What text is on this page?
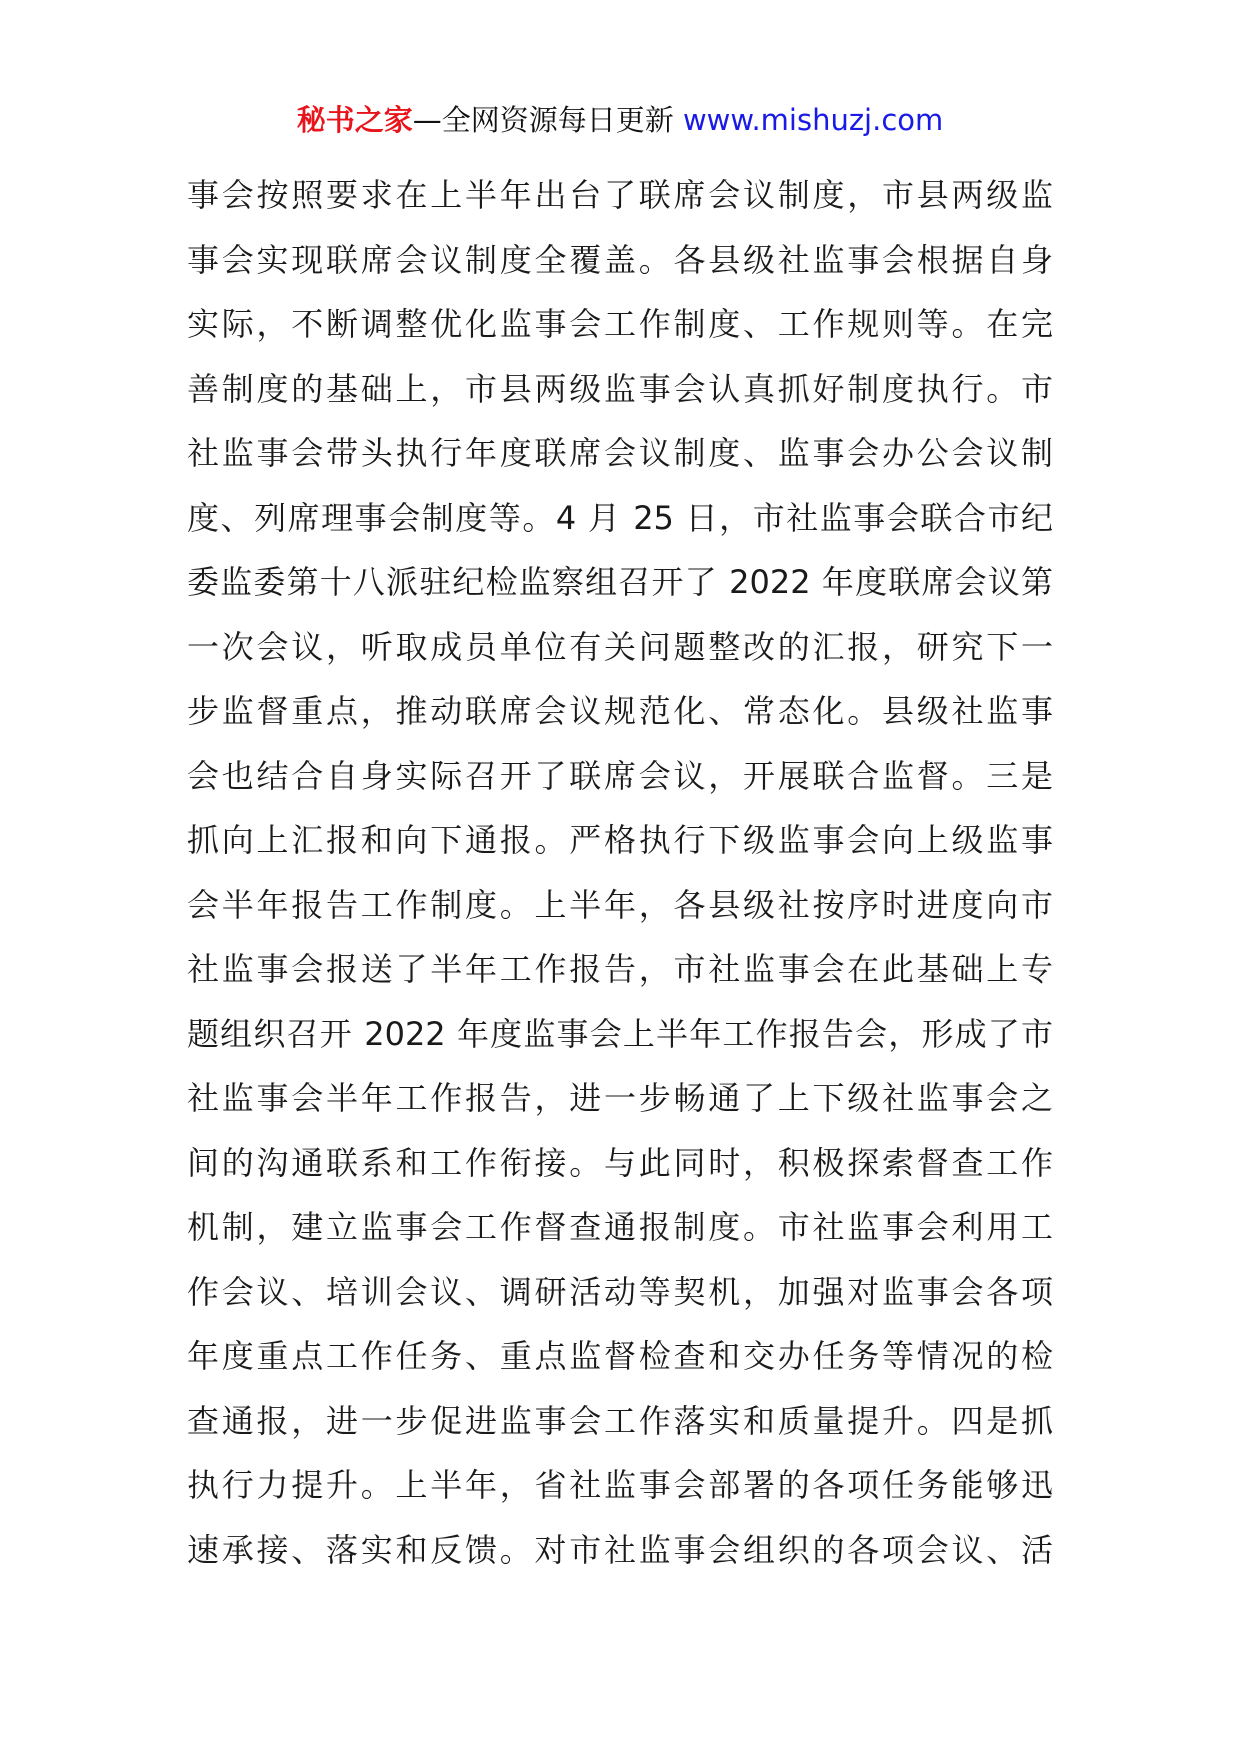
秘书之家—全网资源每日更新 www.mishuzj.com
事会按照要求在上半年出台了联席会议制度，市县两级监
事会实现联席会议制度全覆盖。各县级社监事会根据自身
实际，不断调整优化监事会工作制度、工作规则等。在完
善制度的基础上，市县两级监事会认真抓好制度执行。市
社监事会带头执行年度联席会议制度、监事会办公会议制
度、列席理事会制度等。4 月 25 日，市社监事会联合市纪
委监委第十八派驻纪检监察组召开了 2022 年度联席会议第
一次会议，听取成员单位有关问题整改的汇报，研究下一
步监督重点，推动联席会议规范化、常态化。县级社监事
会也结合自身实际召开了联席会议，开展联合监督。三是
抓向上汇报和向下通报。严格执行下级监事会向上级监事
会半年报告工作制度。上半年，各县级社按序时进度向市
社监事会报送了半年工作报告，市社监事会在此基础上专
题组织召开 2022 年度监事会上半年工作报告会，形成了市
社监事会半年工作报告，进一步畅通了上下级社监事会之
间的沟通联系和工作衔接。与此同时，积极探索督查工作
机制，建立监事会工作督查通报制度。市社监事会利用工
作会议、培训会议、调研活动等契机，加强对监事会各项
年度重点工作任务、重点监督检查和交办任务等情况的检
查通报，进一步促进监事会工作落实和质量提升。四是抓
执行力提升。上半年，省社监事会部署的各项任务能够迅
速承接、落实和反馈。对市社监事会组织的各项会议、活
